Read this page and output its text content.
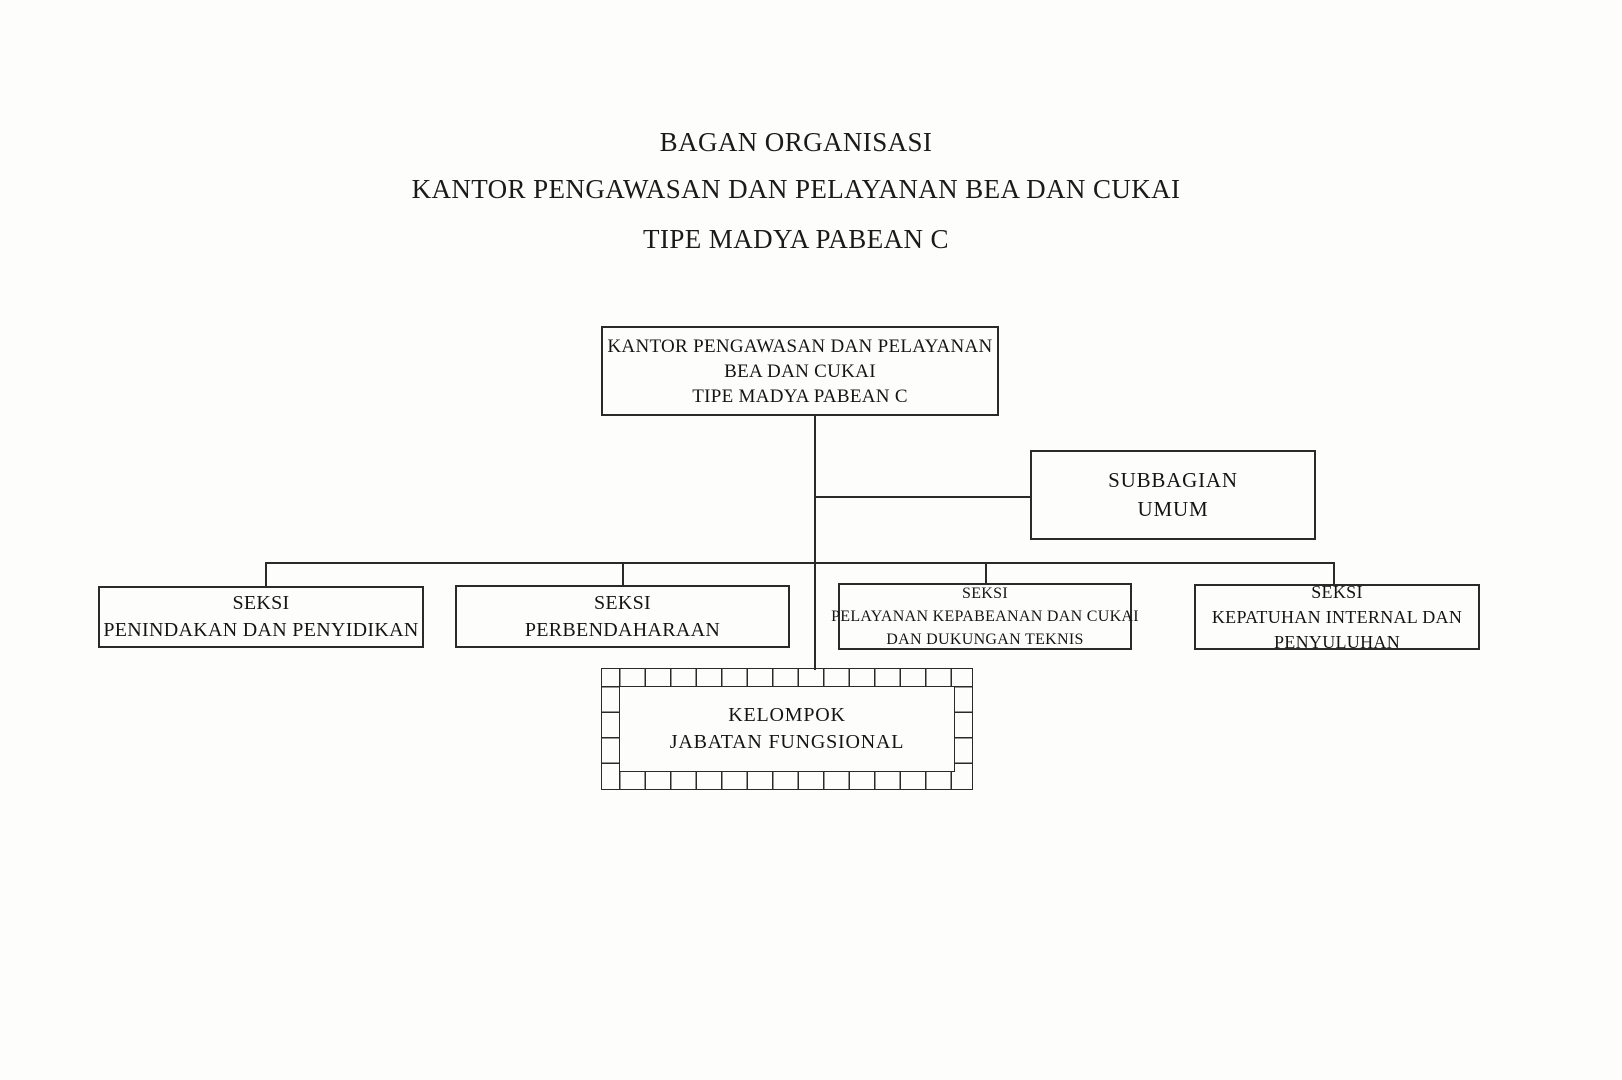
BAGAN ORGANISASI
KANTOR PENGAWASAN DAN PELAYANAN BEA DAN CUKAI
TIPE MADYA PABEAN C
KANTOR PENGAWASAN DAN PELAYANAN
BEA DAN CUKAI
TIPE MADYA PABEAN C
SUBBAGIAN
UMUM
SEKSI
PENINDAKAN DAN PENYIDIKAN
SEKSI
PERBENDAHARAAN
SEKSI
PELAYANAN KEPABEANAN DAN CUKAI
DAN DUKUNGAN TEKNIS
SEKSI
KEPATUHAN INTERNAL DAN
PENYULUHAN
KELOMPOK
JABATAN FUNGSIONAL
